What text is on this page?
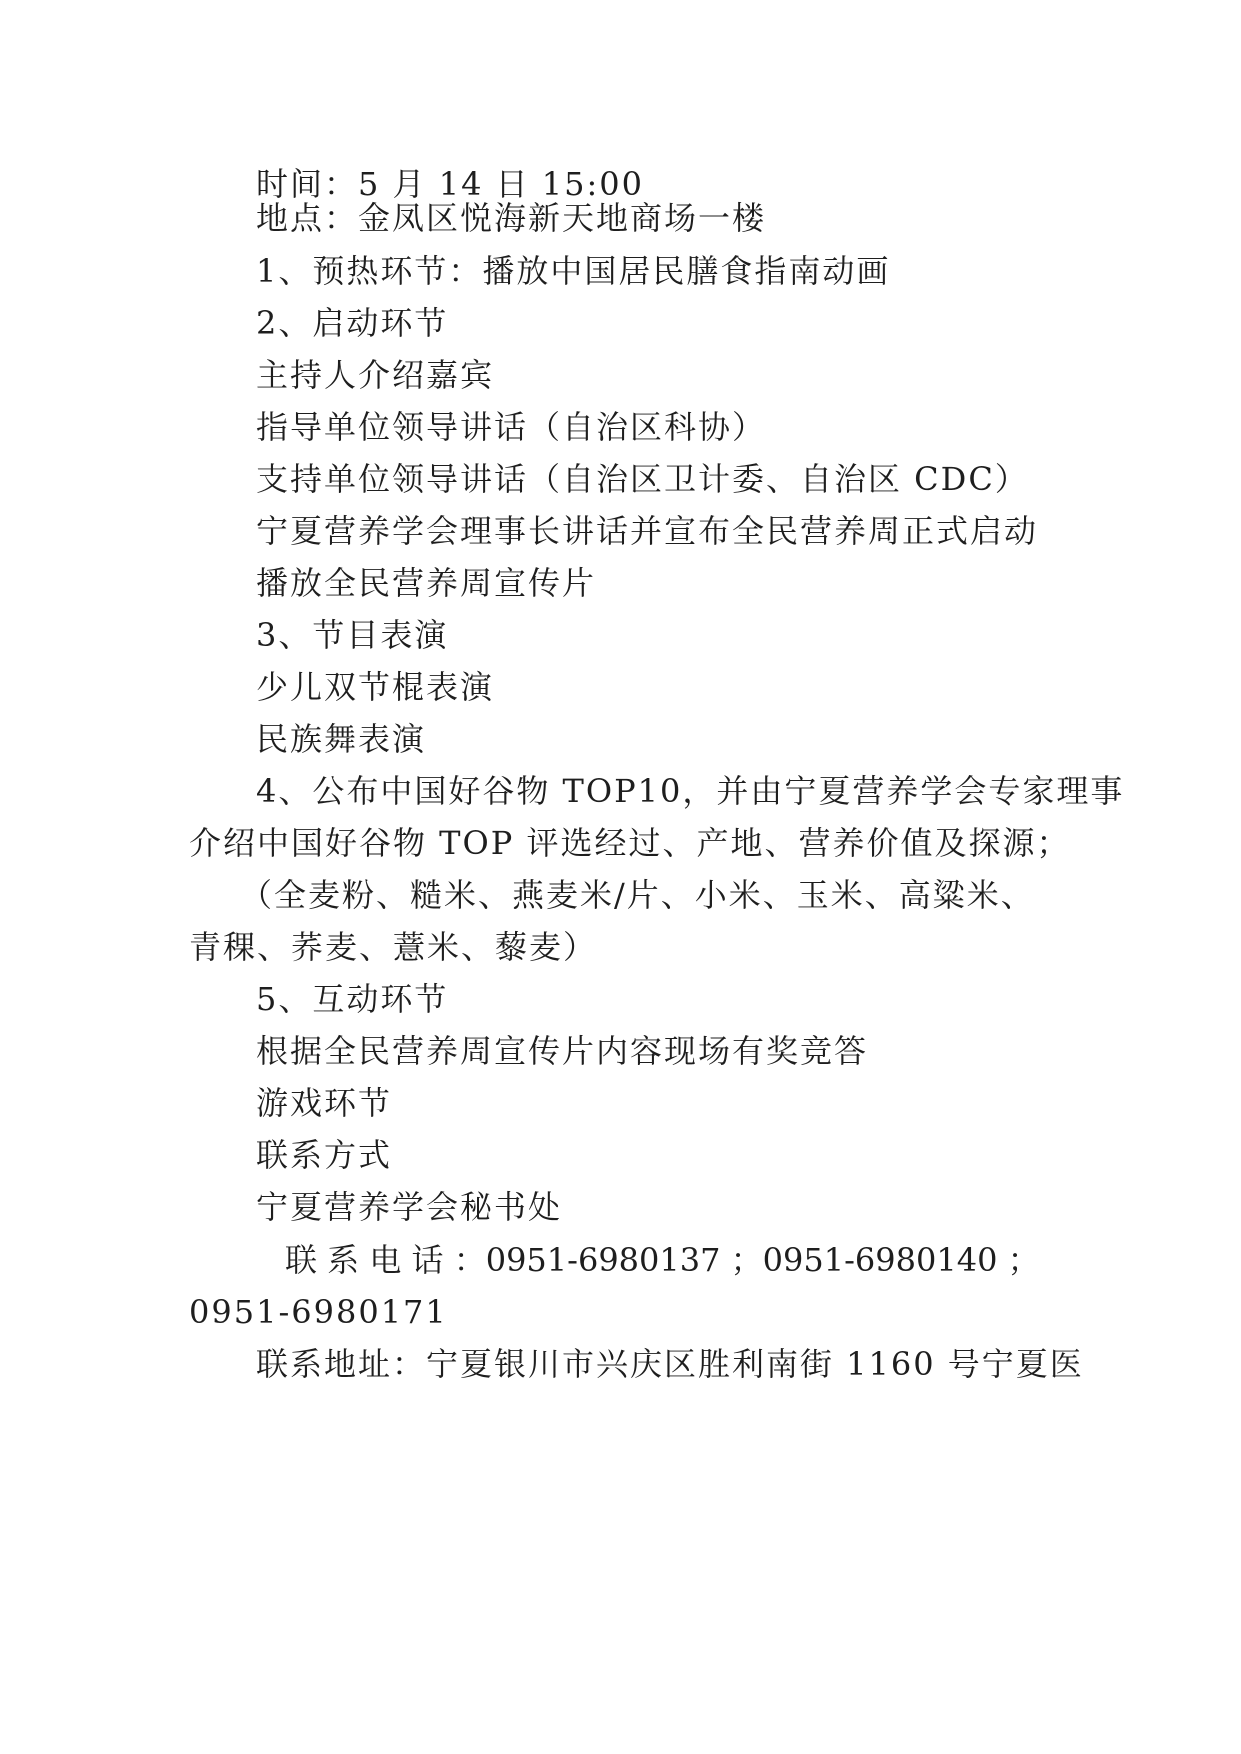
时间：5 月 14 日 15:00
地点：金凤区悦海新天地商场一楼
1、预热环节：播放中国居民膳食指南动画
2、启动环节
主持人介绍嘉宾
指导单位领导讲话（自治区科协）
支持单位领导讲话（自治区卫计委、自治区 CDC）
宁夏营养学会理事长讲话并宣布全民营养周正式启动
播放全民营养周宣传片
3、节目表演
少儿双节棍表演
民族舞表演
4、公布中国好谷物 TOP10，并由宁夏营养学会专家理事
介绍中国好谷物 TOP 评选经过、产地、营养价值及探源；
（全麦粉、糙米、燕麦米/片、小米、玉米、高粱米、
青稞、荞麦、薏米、藜麦）
5、互动环节
根据全民营养周宣传片内容现场有奖竞答
游戏环节
联系方式
宁夏营养学会秘书处
联 系 电 话 ： 0951-6980137 ； 0951-6980140 ；
0951-6980171
联系地址：宁夏银川市兴庆区胜利南街 1160 号宁夏医
